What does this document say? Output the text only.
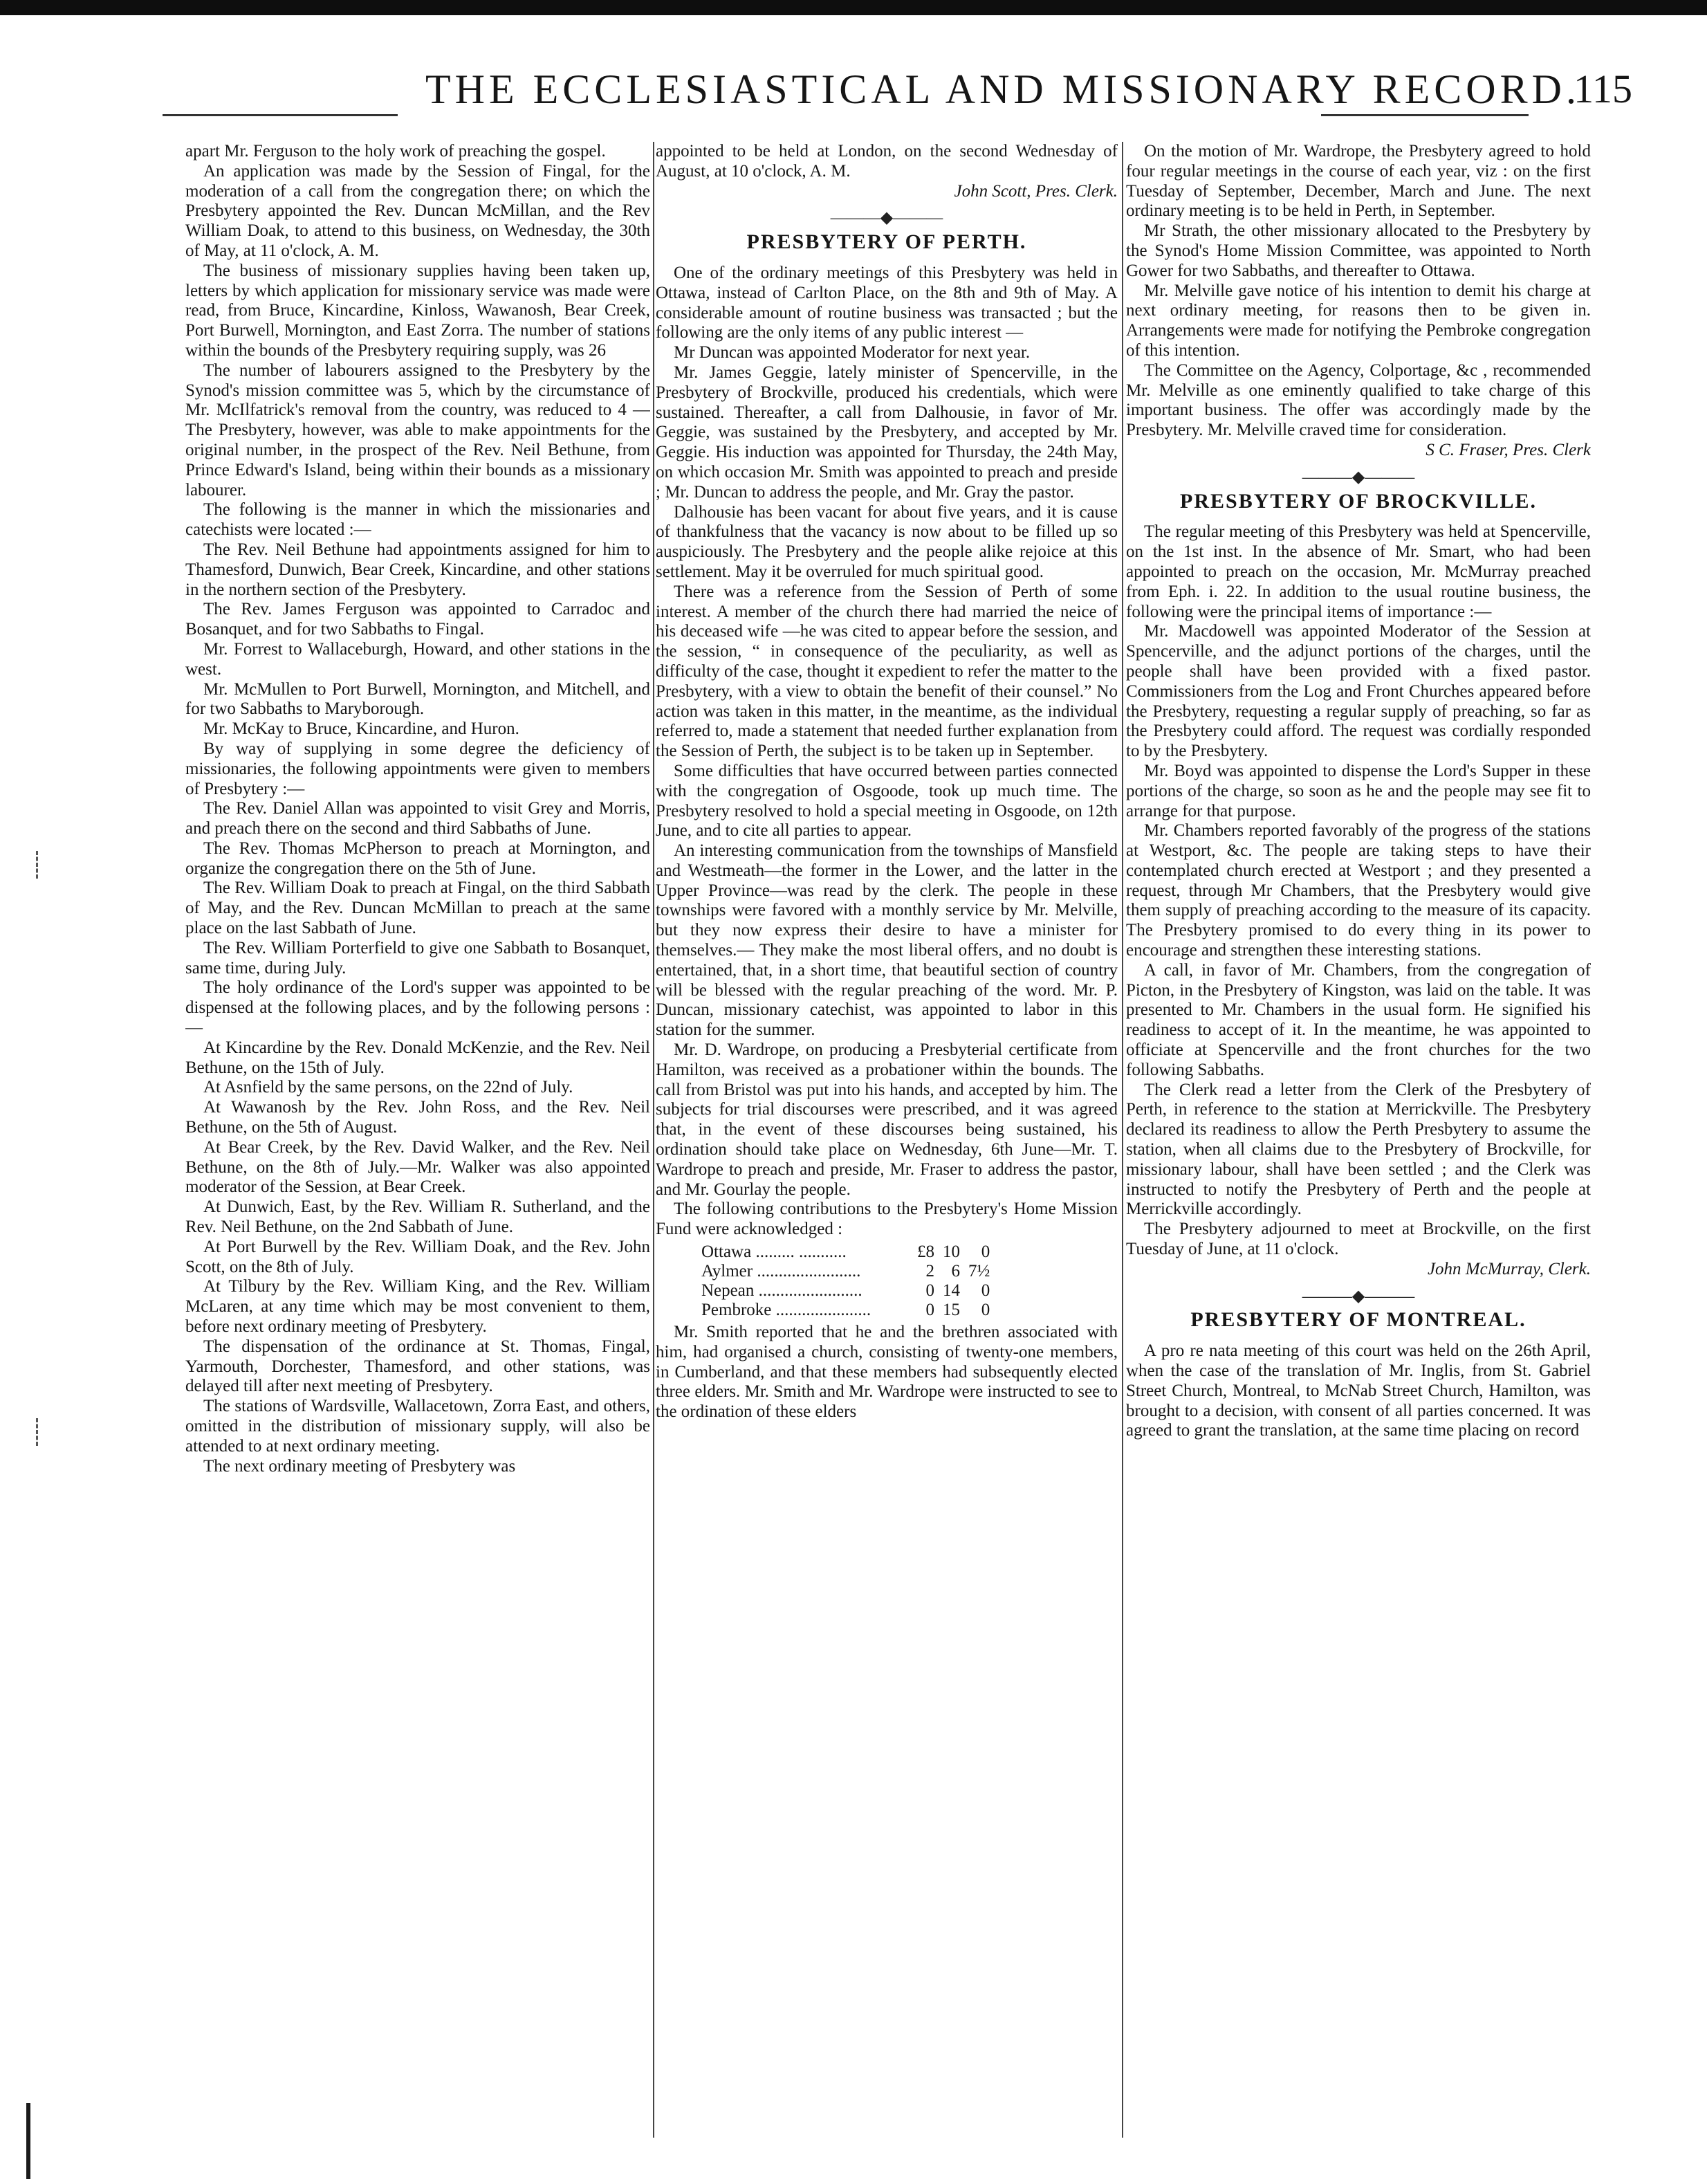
THE ECCLESIASTICAL AND MISSIONARY RECORD.
115

apart Mr. Ferguson to the holy work of preaching the gospel.

An application was made by the Session of Fingal, for the moderation of a call from the congregation there; on which the Presbytery appointed the Rev. Duncan McMillan, and the Rev William Doak, to attend to this business, on Wednesday, the 30th of May, at 11 o'clock, A. M.

The business of missionary supplies having been taken up, letters by which application for missionary service was made were read, from Bruce, Kincardine, Kinloss, Wawanosh, Bear Creek, Port Burwell, Mornington, and East Zorra. The number of stations within the bounds of the Presbytery requiring supply, was 26

The number of labourers assigned to the Presbytery by the Synod's mission committee was 5, which by the circumstance of Mr. McIlfatrick's removal from the country, was reduced to 4 — The Presbytery, however, was able to make appointments for the original number, in the prospect of the Rev. Neil Bethune, from Prince Edward's Island, being within their bounds as a missionary labourer.

The following is the manner in which the missionaries and catechists were located :—

The Rev. Neil Bethune had appointments assigned for him to Thamesford, Dunwich, Bear Creek, Kincardine, and other stations in the northern section of the Presbytery.

The Rev. James Ferguson was appointed to Carradoc and Bosanquet, and for two Sabbaths to Fingal.

Mr. Forrest to Wallaceburgh, Howard, and other stations in the west.

Mr. McMullen to Port Burwell, Mornington, and Mitchell, and for two Sabbaths to Maryborough.

Mr. McKay to Bruce, Kincardine, and Huron.

By way of supplying in some degree the deficiency of missionaries, the following appointments were given to members of Presbytery :—

The Rev. Daniel Allan was appointed to visit Grey and Morris, and preach there on the second and third Sabbaths of June.

The Rev. Thomas McPherson to preach at Mornington, and organize the congregation there on the 5th of June.

The Rev. William Doak to preach at Fingal, on the third Sabbath of May, and the Rev. Duncan McMillan to preach at the same place on the last Sabbath of June.

The Rev. William Porterfield to give one Sabbath to Bosanquet, same time, during July.

The holy ordinance of the Lord's supper was appointed to be dispensed at the following places, and by the following persons :—

At Kincardine by the Rev. Donald McKenzie, and the Rev. Neil Bethune, on the 15th of July.

At Asnfield by the same persons, on the 22nd of July.

At Wawanosh by the Rev. John Ross, and the Rev. Neil Bethune, on the 5th of August.

At Bear Creek, by the Rev. David Walker, and the Rev. Neil Bethune, on the 8th of July.—Mr. Walker was also appointed moderator of the Session, at Bear Creek.

At Dunwich, East, by the Rev. William R. Sutherland, and the Rev. Neil Bethune, on the 2nd Sabbath of June.

At Port Burwell by the Rev. William Doak, and the Rev. John Scott, on the 8th of July.

At Tilbury by the Rev. William King, and the Rev. William McLaren, at any time which may be most convenient to them, before next ordinary meeting of Presbytery.

The dispensation of the ordinance at St. Thomas, Fingal, Yarmouth, Dorchester, Thamesford, and other stations, was delayed till after next meeting of Presbytery.

The stations of Wardsville, Wallacetown, Zorra East, and others, omitted in the distribution of missionary supply, will also be attended to at next ordinary meeting.

The next ordinary meeting of Presbytery was

appointed to be held at London, on the second Wednesday of August, at 10 o'clock, A. M.

John Scott, Pres. Clerk.

———◆———
PRESBYTERY OF PERTH.

One of the ordinary meetings of this Presbytery was held in Ottawa, instead of Carlton Place, on the 8th and 9th of May. A considerable amount of routine business was transacted ; but the following are the only items of any public interest —

Mr Duncan was appointed Moderator for next year.

Mr. James Geggie, lately minister of Spencerville, in the Presbytery of Brockville, produced his credentials, which were sustained. Thereafter, a call from Dalhousie, in favor of Mr. Geggie, was sustained by the Presbytery, and accepted by Mr. Geggie. His induction was appointed for Thursday, the 24th May, on which occasion Mr. Smith was appointed to preach and preside ; Mr. Duncan to address the people, and Mr. Gray the pastor.

Dalhousie has been vacant for about five years, and it is cause of thankfulness that the vacancy is now about to be filled up so auspiciously. The Presbytery and the people alike rejoice at this settlement. May it be overruled for much spiritual good.

There was a reference from the Session of Perth of some interest. A member of the church there had married the neice of his deceased wife —he was cited to appear before the session, and the session, “ in consequence of the peculiarity, as well as difficulty of the case, thought it expedient to refer the matter to the Presbytery, with a view to obtain the benefit of their counsel.” No action was taken in this matter, in the meantime, as the individual referred to, made a statement that needed further explanation from the Session of Perth, the subject is to be taken up in September.

Some difficulties that have occurred between parties connected with the congregation of Osgoode, took up much time. The Presbytery resolved to hold a special meeting in Osgoode, on 12th June, and to cite all parties to appear.

An interesting communication from the townships of Mansfield and Westmeath—the former in the Lower, and the latter in the Upper Province—was read by the clerk. The people in these townships were favored with a monthly service by Mr. Melville, but they now express their desire to have a minister for themselves.— They make the most liberal offers, and no doubt is entertained, that, in a short time, that beautiful section of country will be blessed with the regular preaching of the word. Mr. P. Duncan, missionary catechist, was appointed to labor in this station for the summer.

Mr. D. Wardrope, on producing a Presbyterial certificate from Hamilton, was received as a probationer within the bounds. The call from Bristol was put into his hands, and accepted by him. The subjects for trial discourses were prescribed, and it was agreed that, in the event of these discourses being sustained, his ordination should take place on Wednesday, 6th June—Mr. T. Wardrope to preach and preside, Mr. Fraser to address the pastor, and Mr. Gourlay the people.

The following contributions to the Presbytery's Home Mission Fund were acknowledged :

Ottawa ......... ...........	£8	10	0
Aylmer ........................	2	6	7½
Nepean ........................	0	14	0
Pembroke ......................	0	15	0

Mr. Smith reported that he and the brethren associated with him, had organised a church, consisting of twenty-one members, in Cumberland, and that these members had subsequently elected three elders. Mr. Smith and Mr. Wardrope were instructed to see to the ordination of these elders

On the motion of Mr. Wardrope, the Presbytery agreed to hold four regular meetings in the course of each year, viz : on the first Tuesday of September, December, March and June. The next ordinary meeting is to be held in Perth, in September.

Mr Strath, the other missionary allocated to the Presbytery by the Synod's Home Mission Committee, was appointed to North Gower for two Sabbaths, and thereafter to Ottawa.

Mr. Melville gave notice of his intention to demit his charge at next ordinary meeting, for reasons then to be given in. Arrangements were made for notifying the Pembroke congregation of this intention.

The Committee on the Agency, Colportage, &c , recommended Mr. Melville as one eminently qualified to take charge of this important business. The offer was accordingly made by the Presbytery. Mr. Melville craved time for consideration.

S C. Fraser, Pres. Clerk

———◆———
PRESBYTERY OF BROCKVILLE.

The regular meeting of this Presbytery was held at Spencerville, on the 1st inst. In the absence of Mr. Smart, who had been appointed to preach on the occasion, Mr. McMurray preached from Eph. i. 22. In addition to the usual routine business, the following were the principal items of importance :—

Mr. Macdowell was appointed Moderator of the Session at Spencerville, and the adjunct portions of the charges, until the people shall have been provided with a fixed pastor. Commissioners from the Log and Front Churches appeared before the Presbytery, requesting a regular supply of preaching, so far as the Presbytery could afford. The request was cordially responded to by the Presbytery.

Mr. Boyd was appointed to dispense the Lord's Supper in these portions of the charge, so soon as he and the people may see fit to arrange for that purpose.

Mr. Chambers reported favorably of the progress of the stations at Westport, &c. The people are taking steps to have their contemplated church erected at Westport ; and they presented a request, through Mr Chambers, that the Presbytery would give them supply of preaching according to the measure of its capacity. The Presbytery promised to do every thing in its power to encourage and strengthen these interesting stations.

A call, in favor of Mr. Chambers, from the congregation of Picton, in the Presbytery of Kingston, was laid on the table. It was presented to Mr. Chambers in the usual form. He signified his readiness to accept of it. In the meantime, he was appointed to officiate at Spencerville and the front churches for the two following Sabbaths.

The Clerk read a letter from the Clerk of the Presbytery of Perth, in reference to the station at Merrickville. The Presbytery declared its readiness to allow the Perth Presbytery to assume the station, when all claims due to the Presbytery of Brockville, for missionary labour, shall have been settled ; and the Clerk was instructed to notify the Presbytery of Perth and the people at Merrickville accordingly.

The Presbytery adjourned to meet at Brockville, on the first Tuesday of June, at 11 o'clock.

John McMurray, Clerk.

———◆———
PRESBYTERY OF MONTREAL.

A pro re nata meeting of this court was held on the 26th April, when the case of the translation of Mr. Inglis, from St. Gabriel Street Church, Montreal, to McNab Street Church, Hamilton, was brought to a decision, with consent of all parties concerned. It was agreed to grant the translation, at the same time placing on record
